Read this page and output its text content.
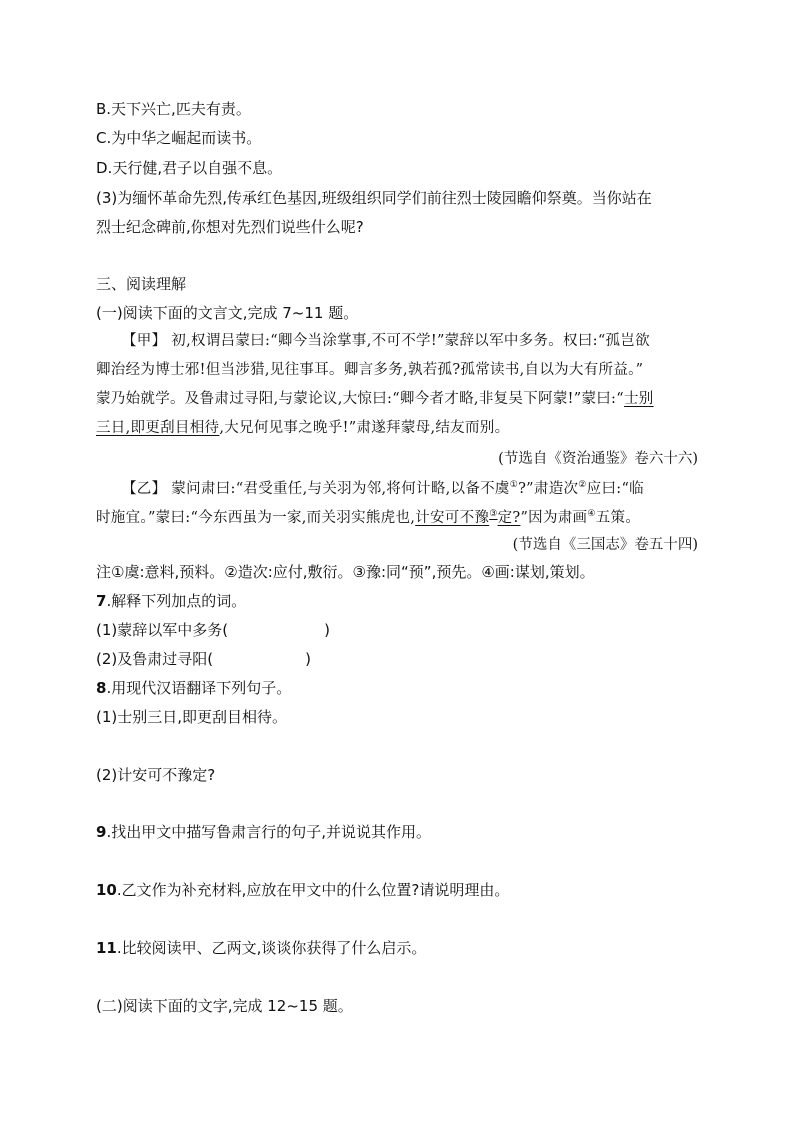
B.天下兴亡,匹夫有责。
C.为中华之崛起而读书。
D.天行健,君子以自强不息。
(3)为缅怀革命先烈,传承红色基因,班级组织同学们前往烈士陵园瞻仰祭奠。当你站在
烈士纪念碑前,你想对先烈们说些什么呢?
三、阅读理解
(一)阅读下面的文言文,完成 7~11 题。
【甲】 初,权谓吕蒙曰:“卿今当涂掌事,不可不学!”蒙辞以军中多务。权曰:“孤岂欲
卿治经为博士邪!但当涉猎,见往事耳。卿言多务,孰若孤?孤常读书,自以为大有所益。”
蒙乃始就学。及鲁肃过寻阳,与蒙论议,大惊曰:“卿今者才略,非复吴下阿蒙!”蒙曰:“士别
三日,即更刮目相待,大兄何见事之晚乎!”肃遂拜蒙母,结友而别。
(节选自《资治通鉴》卷六十六)
【乙】 蒙问肃曰:“君受重任,与关羽为邻,将何计略,以备不虞①?”肃造次②应曰:“临
时施宜。”蒙曰:“今东西虽为一家,而关羽实熊虎也,计安可不豫③定?”因为肃画④五策。
(节选自《三国志》卷五十四)
注①虞:意料,预料。②造次:应付,敷衍。③豫:同“预”,预先。④画:谋划,策划。
7.解释下列加点的词。
(1)蒙辞以军中多务(	)
(2)及鲁肃过寻阳(	)
8.用现代汉语翻译下列句子。
(1)士别三日,即更刮目相待。
(2)计安可不豫定?
9.找出甲文中描写鲁肃言行的句子,并说说其作用。
10.乙文作为补充材料,应放在甲文中的什么位置?请说明理由。
11.比较阅读甲、乙两文,谈谈你获得了什么启示。
(二)阅读下面的文字,完成 12~15 题。
